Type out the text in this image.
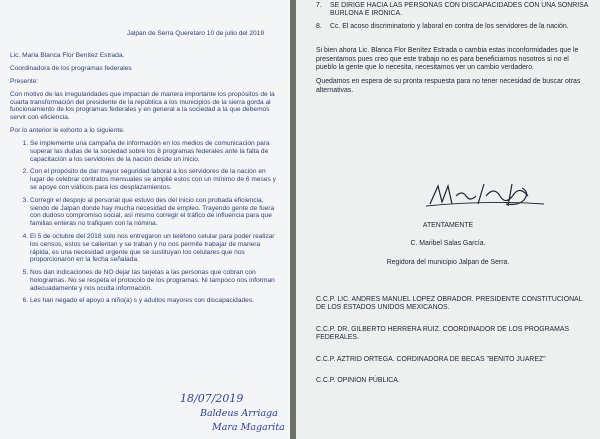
Jalpan de Serra Queretaro 10 de julio del 2019

Lic. Maria Blanca Flor Benítez Estrada.

Coordinadora de los programas federales

Presente:

Con motivo de las irregularidades que impactan de manera importante los propósitos de la cuarta transformación del presidente de la república a los municipios de la sierra gorda al funcionamiento de los programas federales y en general a la sociedad a la que debemos servir con eficiencia.

Por lo anterior le exhorto a lo siguiente.

1. Se implemente una campaña de información en los medios de comunicación para superar las dudas de la sociedad sobre los 8 programas federales ante la falta de capacitación a los servidores de la nación desde un inicio.
2. Con el propósito de dar mayor seguridad laboral a los servidores de la nación en lugar de celebrar contratos mensuales se amplié estos con un mínimo de 6 meses y se apoye con viáticos para los desplazamientos.
3. Corregir el despojo al personal que estuvo des del inicio con probada eficiencia, siendo de Jalpan donde hay mucha necesidad de empleo. Trayendo gente de fuera con dudoso compromiso social, así mismo corregir el tráfico de influencia para que familias enteras no trafiquen con la nómina.
4. El 5 de octubre del 2018 solo nos entregaron un teléfono celular para poder realizar los censos, estos se calientan y se traban y no nos permite trabajar de manera rápida, es una necesidad urgente que se sustituyan los celulares que nos proporcionaron en la fecha señalada.
5. Nos dan indicaciones de NO dejar las tarjetas a las personas que cobran con hologramas. No se respeta el protocolo de los programas. Ni tampoco nos informan adecuadamente y nos oculta información.
6. Les han negado el apoyo a niño(a) s y adultos mayores con discapacidades.
18/07/2019
Baldeus Arriaga
Mara Magarita
7. SE DIRIGE HACIA LAS PERSONAS CON DISCAPACIDADES CON UNA SONRISA BURLONA E IRONICA.
8. Cc. El acoso discriminatorio y laboral en contra de los servidores de la nación.

Si bien ahora Lic. Blanca Flor Benítez Estrada o cambia estas inconformidades que le presentamos pues creo que este trabajo no es para beneficiarnos nosotros si no el pueblo la gente que lo necesita, necesitamos ver un cambio verdadero.

Quedamos en espera de su pronta respuesta para no tener necesidad de buscar otras alternativas.

ATENTAMENTE

C. Maribel Salas García.

Regidora del municipio Jalpan de Serra.

C.C.P. LIC. ANDRES MANUEL LOPEZ OBRADOR. PRESIDENTE CONSTITUCIONAL DE LOS ESTADOS UNIDOS MEXICANOS.

C.C.P. DR. GILBERTO HERRERA RUIZ. COORDINADOR DE LOS PROGRAMAS FEDERALES.

C.C.P. AZTRID ORTEGA. CORDINADORA DE BECAS "BENITO JUAREZ"

C.C.P. OPINION PÚBLICA.
